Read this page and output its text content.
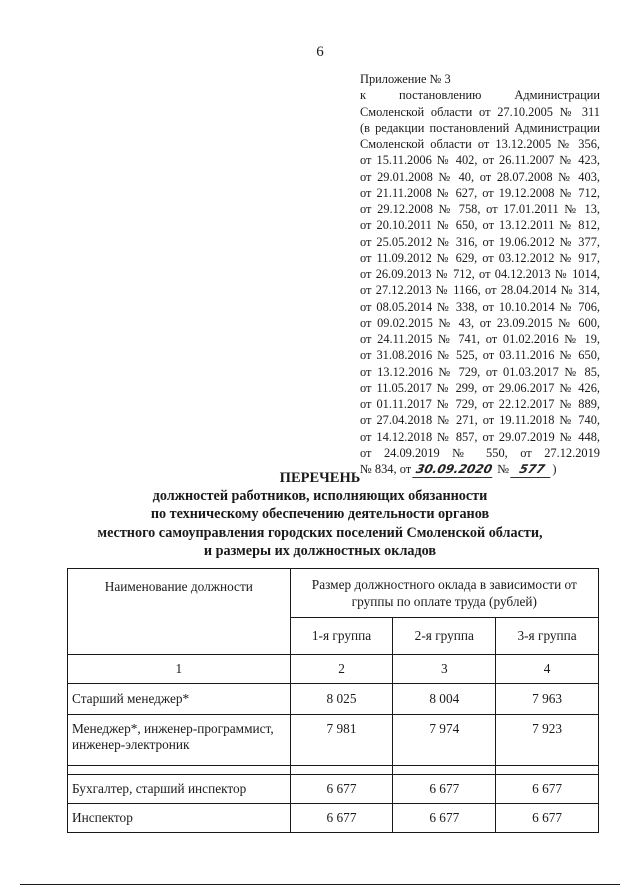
6
Приложение № 3
к постановлению Администрации
Смоленской области от 27.10.2005 № 311
(в редакции постановлений Администрации
Смоленской области от 13.12.2005 № 356,
от 15.11.2006 № 402, от 26.11.2007 № 423,
от 29.01.2008 № 40, от 28.07.2008 № 403,
от 21.11.2008 № 627, от 19.12.2008 № 712,
от 29.12.2008 № 758, от 17.01.2011 № 13,
от 20.10.2011 № 650, от 13.12.2011 № 812,
от 25.05.2012 № 316, от 19.06.2012 № 377,
от 11.09.2012 № 629, от 03.12.2012 № 917,
от 26.09.2013 № 712, от 04.12.2013 № 1014,
от 27.12.2013 № 1166, от 28.04.2014 № 314,
от 08.05.2014 № 338, от 10.10.2014 № 706,
от 09.02.2015 № 43, от 23.09.2015 № 600,
от 24.11.2015 № 741, от 01.02.2016 № 19,
от 31.08.2016 № 525, от 03.11.2016 № 650,
от 13.12.2016 № 729, от 01.03.2017 № 85,
от 11.05.2017 № 299, от 29.06.2017 № 426,
от 01.11.2017 № 729, от 22.12.2017 № 889,
от 27.04.2018 № 271, от 19.11.2018 № 740,
от 14.12.2018 № 857, от 29.07.2019 № 448,
от 24.09.2019 № 550, от 27.12.2019
№ 834, от 30.09.2020 № 577 )
ПЕРЕЧЕНЬ
должностей работников, исполняющих обязанности
по техническому обеспечению деятельности органов
местного самоуправления городских поселений Смоленской области,
и размеры их должностных окладов
Наименование должности	Размер должностного оклада в зависимости от группы по оплате труда (рублей)		
	1-я группа	2-я группа	3-я группа
1	2	3	4
Старший менеджер*	8 025	8 004	7 963
Менеджер*, инженер-программист, инженер-электроник	7 981	7 974	7 923

Бухгалтер, старший инспектор	6 677	6 677	6 677
Инспектор	6 677	6 677	6 677
